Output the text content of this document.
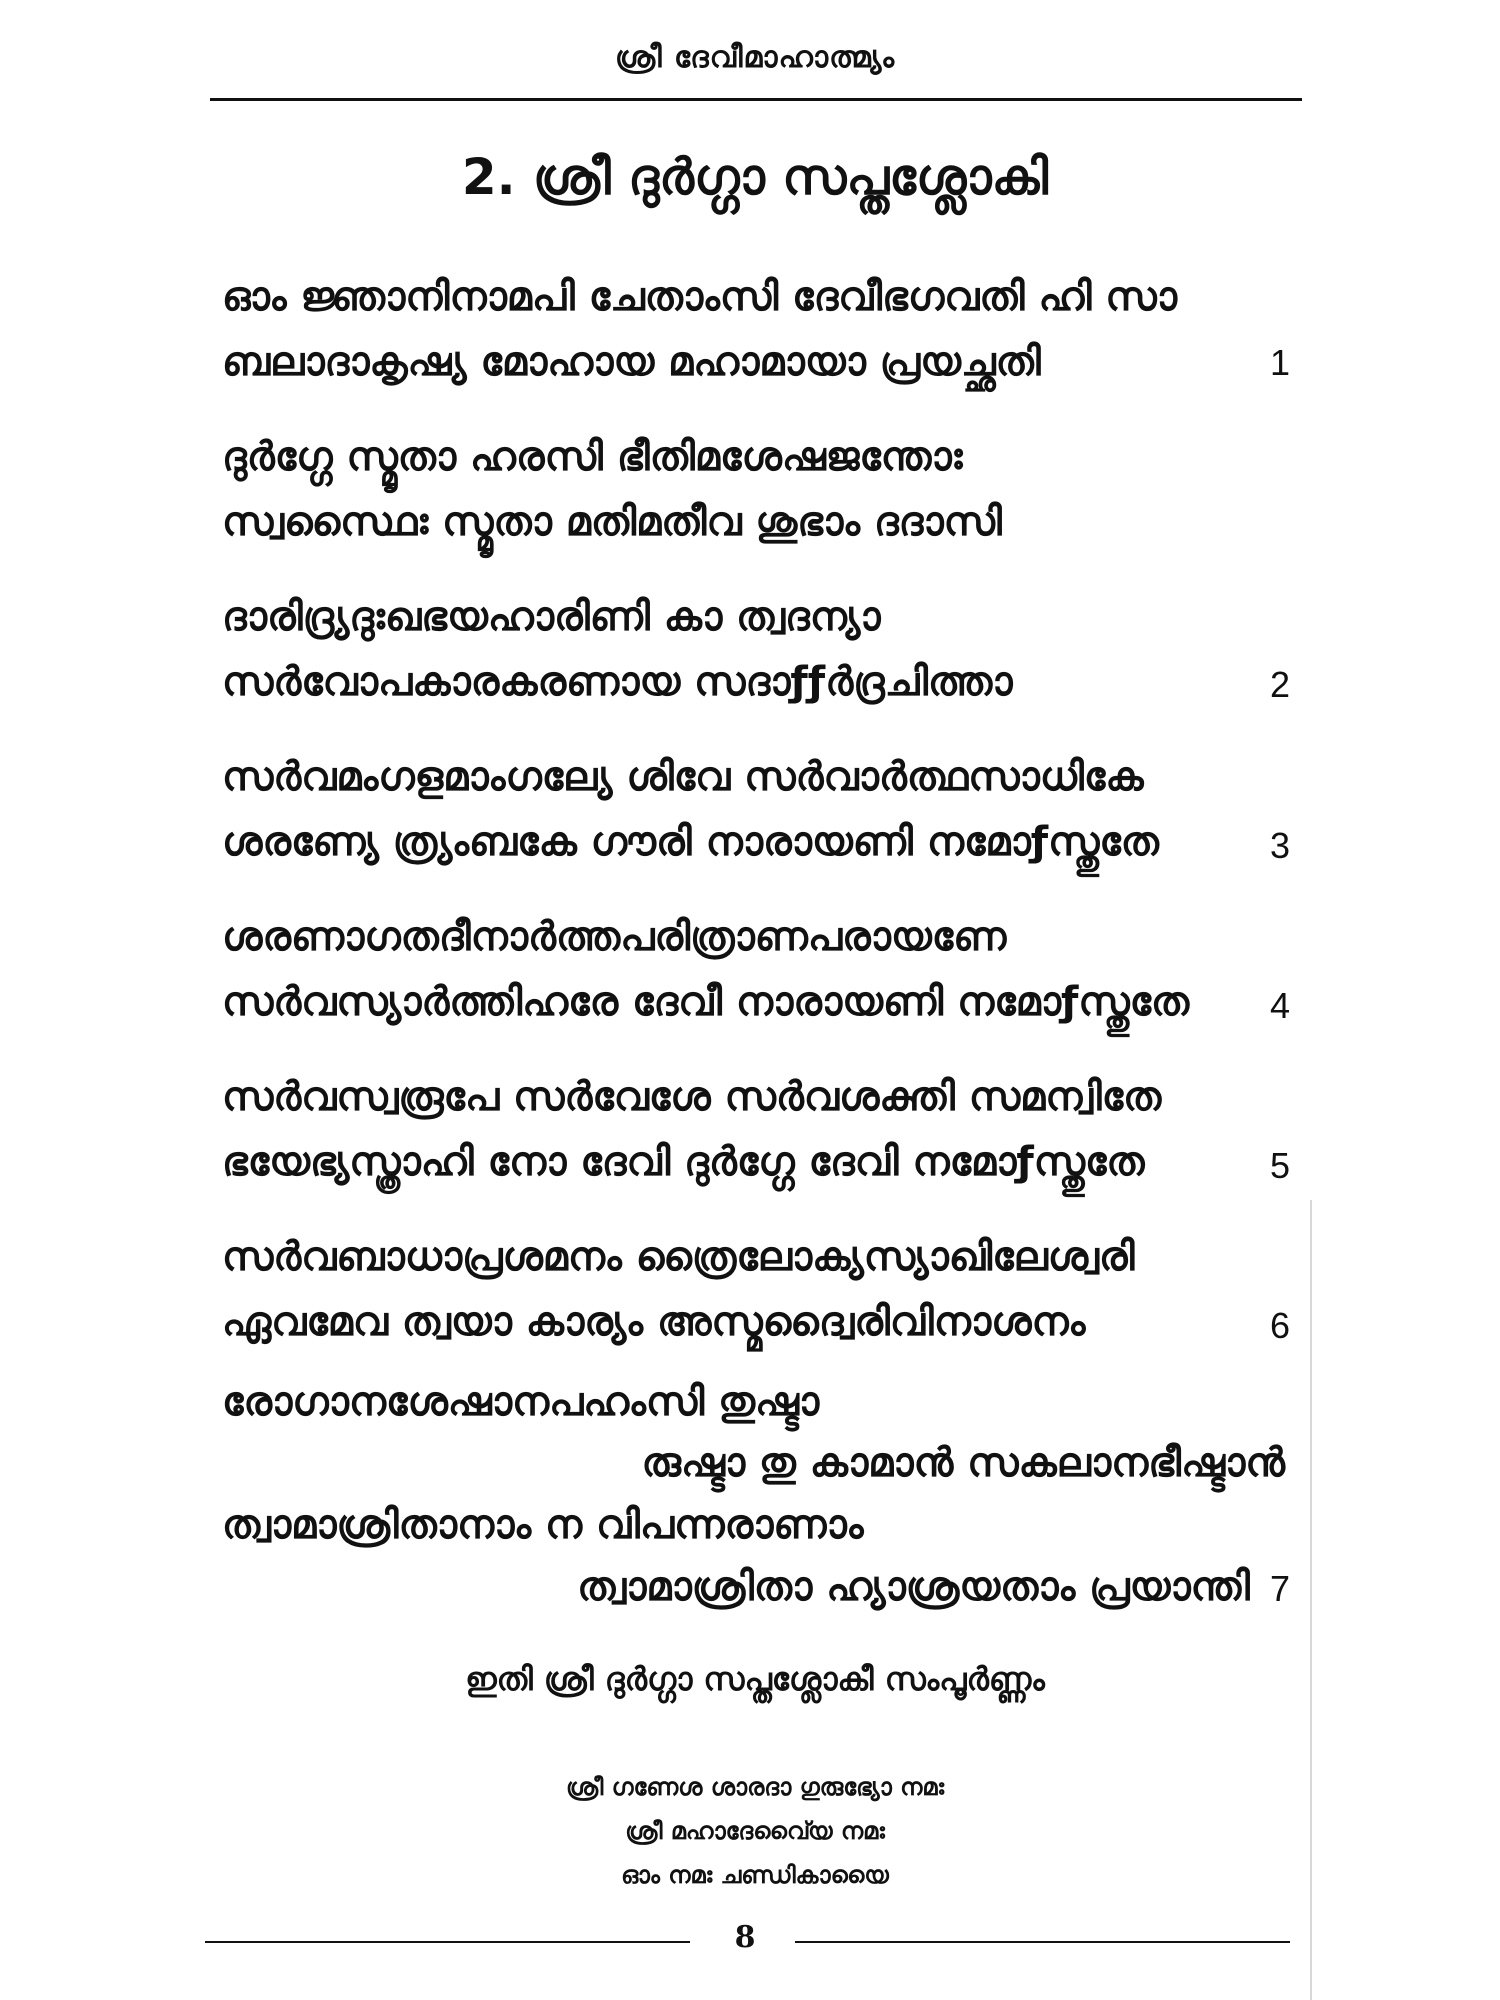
ശ്രീ ദേവീമാഹാത്മ്യം
2. ശ്രീ ദുർഗ്ഗാ സപ്തശ്ലോകി
ഓം ജ്ഞാനിനാമപി ചേതാംസി ദേവീഭഗവതി ഹി സാ
ബലാദാകൃഷ്യ മോഹായ മഹാമായാ പ്രയച്ഛതി	1
ദുർഗ്ഗേ സ്മൃതാ ഹരസി ഭീതിമശേഷജന്തോഃ
സ്വസ്ഥൈഃ സ്മൃതാ മതിമതീവ ശുഭാം ദദാസി
ദാരിദ്ര്യദുഃഖഭയഹാരിണി കാ ത്വദന്യാ
സർവോപകാരകരണായ സദാƒƒർദ്രചിത്താ	2
സർവമംഗളമാംഗല്യേ ശിവേ സർവാർത്ഥസാധികേ
ശരണ്യേ ത്ര്യംബകേ ഗൗരി നാരായണി നമോƒസ്തുതേ	3
ശരണാഗതദീനാർത്തപരിത്രാണപരായണേ
സർവസ്യാർത്തിഹരേ ദേവീ നാരായണി നമോƒസ്തുതേ	4
സർവസ്വരൂപേ സർവേശേ സർവശക്തി സമന്വിതേ
ഭയേഭ്യസ്ത്രാഹി നോ ദേവി ദുർഗ്ഗേ ദേവി നമോƒസ്തുതേ	5
സർവബാധാപ്രശമനം ത്രൈലോക്യസ്യാഖിലേശ്വരി
ഏവമേവ ത്വയാ കാര്യം അസ്മദ്വൈരിവിനാശനം	6
രോഗാനശേഷാനപഹംസി തുഷ്ടാ
രുഷ്ടാ തു കാമാൻ സകലാനഭീഷ്ടാൻ
ത്വാമാശ്രിതാനാം ന വിപന്നരാണാം
ത്വാമാശ്രിതാ ഹ്യാശ്രയതാം പ്രയാന്തി 7
ഇതി ശ്രീ ദുർഗ്ഗാ സപ്തശ്ലോകീ സംപൂർണ്ണം
ശ്രീ ഗണേശ ശാരദാ ഗുരുഭ്യോ നമഃ
ശ്രീ മഹാദേവൈ്യ നമഃ
ഓം നമഃ ചണ്ഡികായൈ
8
